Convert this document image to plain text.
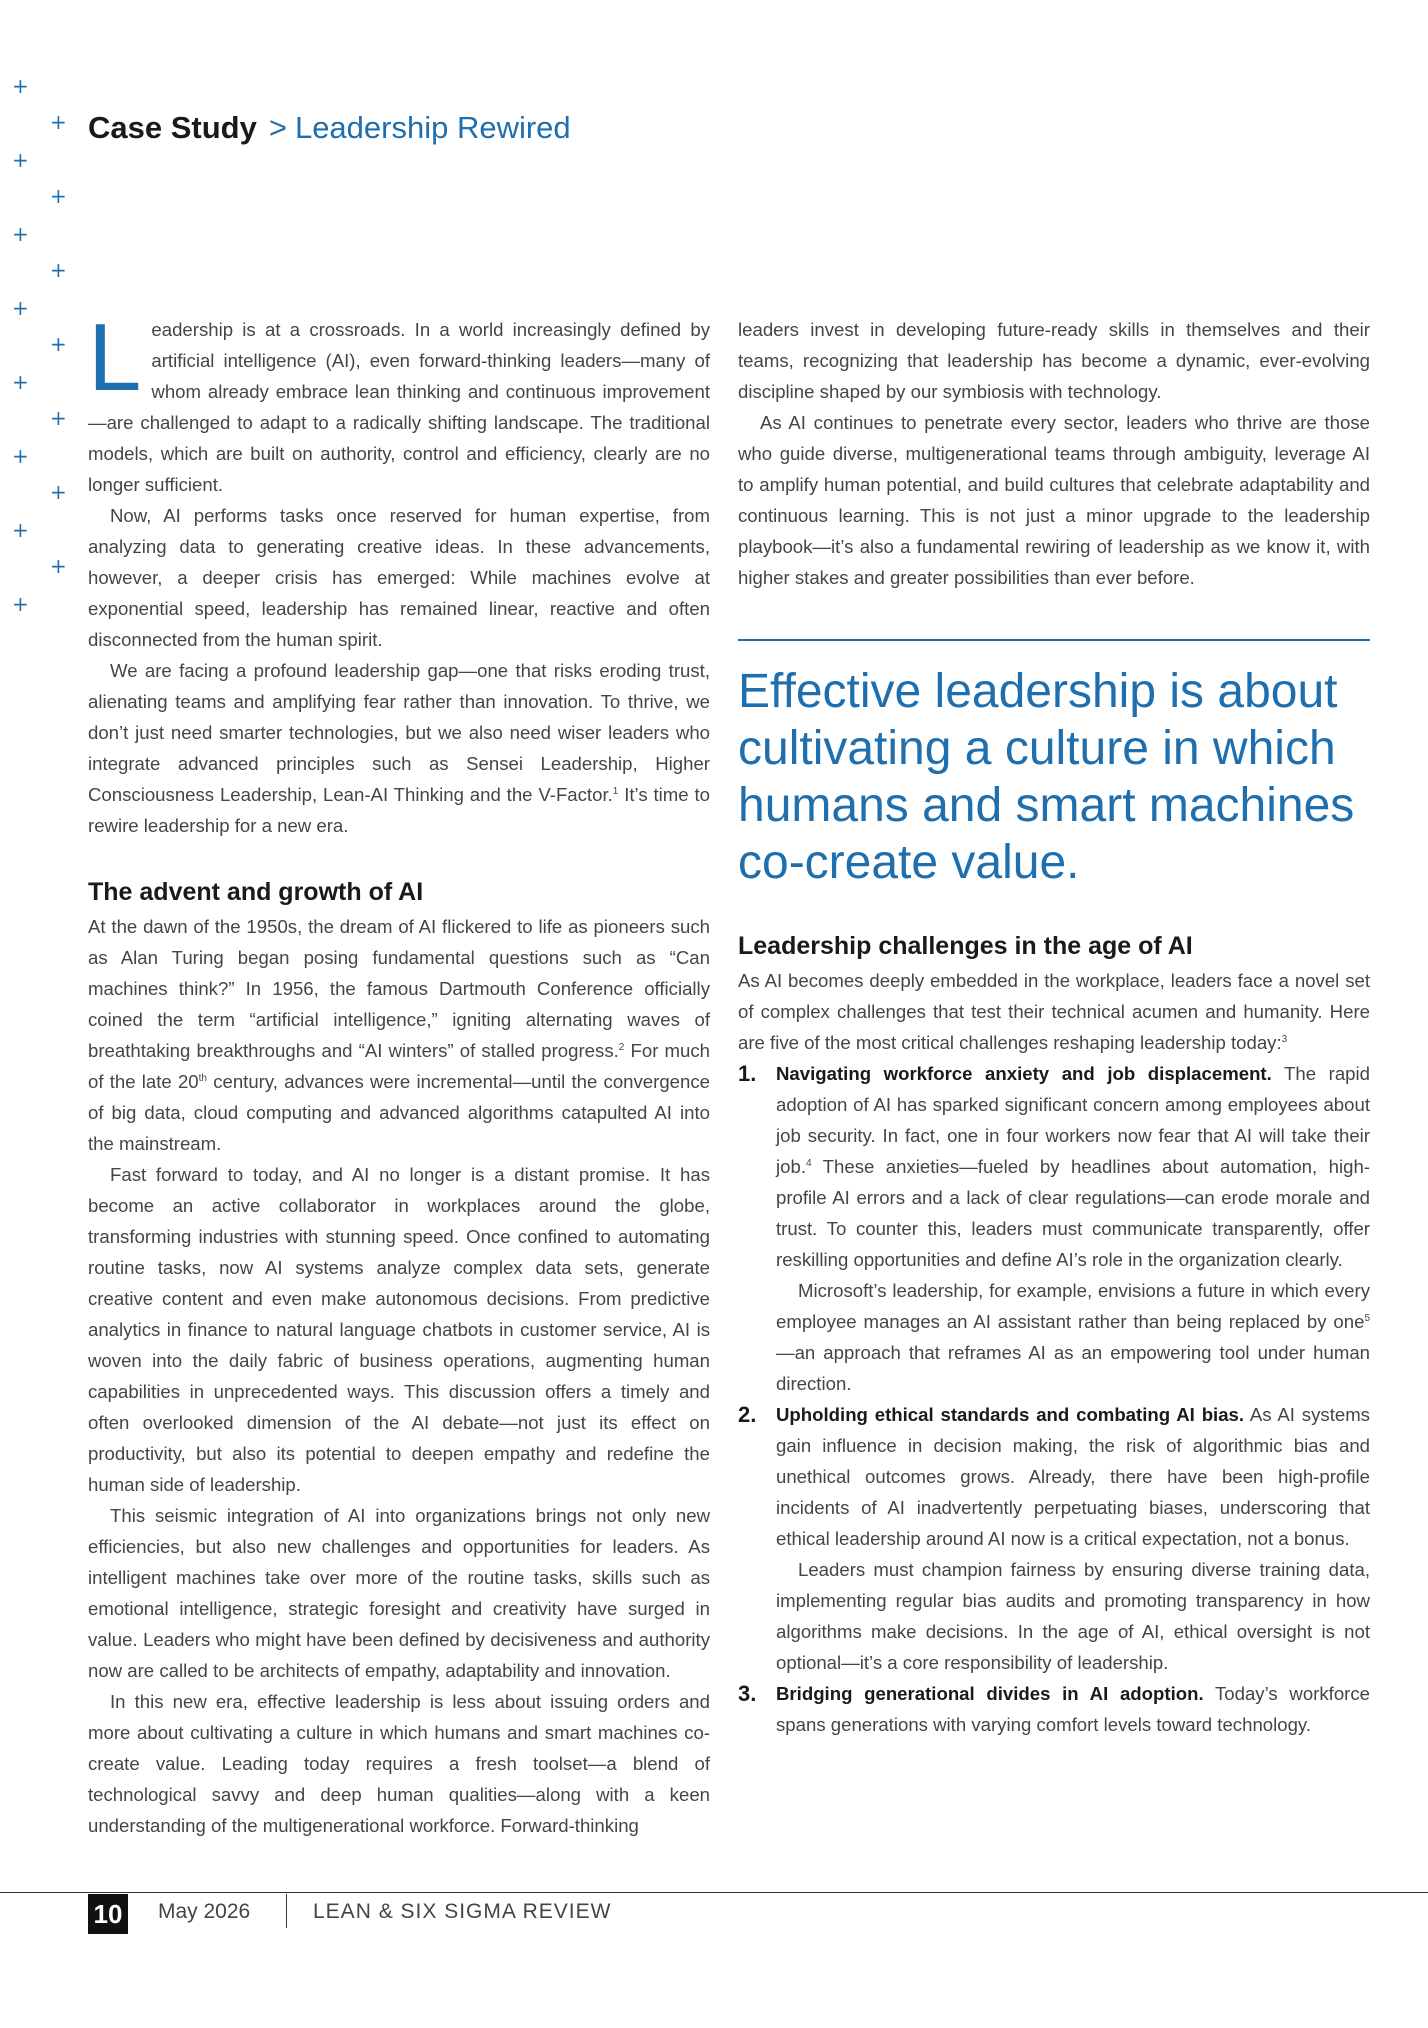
+
+
+
+
+
+
+
+
+
+
+
+
+
+
+
Case Study > Leadership Rewired

Leadership is at a crossroads. In a world increasingly defined by artificial intelligence (AI), even forward-thinking leaders—many of whom already embrace lean thinking and continuous improvement—are challenged to adapt to a radically shifting landscape. The traditional models, which are built on authority, control and efficiency, clearly are no longer sufficient.

Now, AI performs tasks once reserved for human expertise, from analyzing data to generating creative ideas. In these advancements, however, a deeper crisis has emerged: While machines evolve at exponential speed, leadership has remained linear, reactive and often disconnected from the human spirit.

We are facing a profound leadership gap—one that risks eroding trust, alienating teams and amplifying fear rather than innovation. To thrive, we don’t just need smarter technologies, but we also need wiser leaders who integrate advanced principles such as Sensei Leadership, Higher Consciousness Leadership, Lean-AI Thinking and the V-Factor.$^1$ It’s time to rewire leadership for a new era.

The advent and growth of AI

At the dawn of the 1950s, the dream of AI flickered to life as pioneers such as Alan Turing began posing fundamental questions such as “Can machines think?” In 1956, the famous Dartmouth Conference officially coined the term “artificial intelligence,” igniting alternating waves of breathtaking breakthroughs and “AI winters” of stalled progress.$^2$ For much of the late 20th century, advances were incremental—until the convergence of big data, cloud computing and advanced algorithms catapulted AI into the mainstream.

Fast forward to today, and AI no longer is a distant promise. It has become an active collaborator in workplaces around the globe, transforming industries with stunning speed. Once confined to automating routine tasks, now AI systems analyze complex data sets, generate creative content and even make autonomous decisions. From predictive analytics in finance to natural language chatbots in customer service, AI is woven into the daily fabric of business operations, augmenting human capabilities in unprecedented ways. This discussion offers a timely and often overlooked dimension of the AI debate—not just its effect on productivity, but also its potential to deepen empathy and redefine the human side of leadership.

This seismic integration of AI into organizations brings not only new efficiencies, but also new challenges and opportunities for leaders. As intelligent machines take over more of the routine tasks, skills such as emotional intelligence, strategic foresight and creativity have surged in value. Leaders who might have been defined by decisiveness and authority now are called to be architects of empathy, adaptability and innovation.

In this new era, effective leadership is less about issuing orders and more about cultivating a culture in which humans and smart machines co-create value. Leading today requires a fresh toolset—a blend of technological savvy and deep human qualities—along with a keen understanding of the multigenerational workforce. Forward-thinking

leaders invest in developing future-ready skills in themselves and their teams, recognizing that leadership has become a dynamic, ever-evolving discipline shaped by our symbiosis with technology.

As AI continues to penetrate every sector, leaders who thrive are those who guide diverse, multigenerational teams through ambiguity, leverage AI to amplify human potential, and build cultures that celebrate adaptability and continuous learning. This is not just a minor upgrade to the leadership playbook—it’s also a fundamental rewiring of leadership as we know it, with higher stakes and greater possibilities than ever before.

Effective leadership is about cultivating a culture in which humans and smart machines co-create value.
Leadership challenges in the age of AI

As AI becomes deeply embedded in the workplace, leaders face a novel set of complex challenges that test their technical acumen and humanity. Here are five of the most critical challenges reshaping leadership today:$^3$

1. Navigating workforce anxiety and job displacement. The rapid adoption of AI has sparked significant concern among employees about job security. In fact, one in four workers now fear that AI will take their job.$^4$ These anxieties—fueled by headlines about automation, high-profile AI errors and a lack of clear regulations—can erode morale and trust. To counter this, leaders must communicate transparently, offer reskilling opportunities and define AI’s role in the organization clearly.

Microsoft’s leadership, for example, envisions a future in which every employee manages an AI assistant rather than being replaced by one$^5$—an approach that reframes AI as an empowering tool under human direction.

2. Upholding ethical standards and combating AI bias. As AI systems gain influence in decision making, the risk of algorithmic bias and unethical outcomes grows. Already, there have been high-profile incidents of AI inadvertently perpetuating biases, underscoring that ethical leadership around AI now is a critical expectation, not a bonus.

Leaders must champion fairness by ensuring diverse training data, implementing regular bias audits and promoting transparency in how algorithms make decisions. In the age of AI, ethical oversight is not optional—it’s a core responsibility of leadership.

3. Bridging generational divides in AI adoption. Today’s workforce spans generations with varying comfort levels toward technology.

10 May 2026	LEAN & SIX SIGMA REVIEW
